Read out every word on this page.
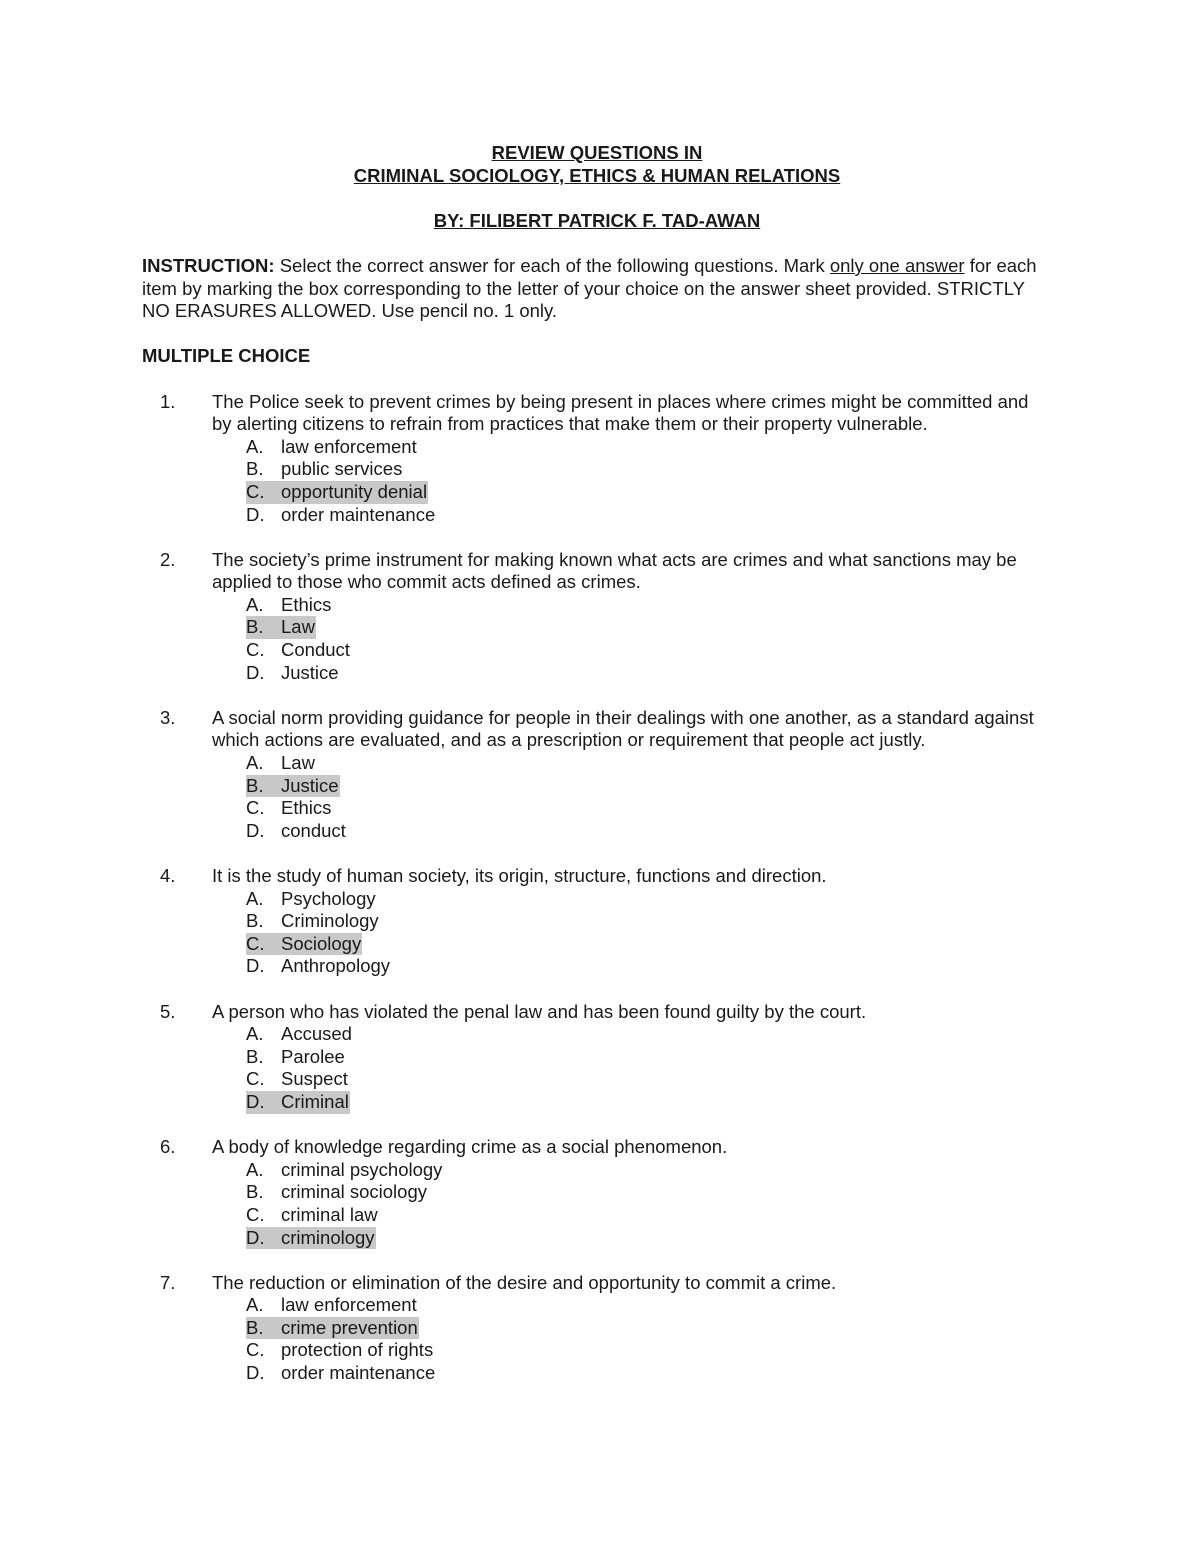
REVIEW QUESTIONS IN
CRIMINAL SOCIOLOGY, ETHICS & HUMAN RELATIONS
BY: FILIBERT PATRICK F. TAD-AWAN
INSTRUCTION: Select the correct answer for each of the following questions. Mark only one answer for each item by marking the box corresponding to the letter of your choice on the answer sheet provided. STRICTLY NO ERASURES ALLOWED. Use pencil no. 1 only.
MULTIPLE CHOICE
1. The Police seek to prevent crimes by being present in places where crimes might be committed and by alerting citizens to refrain from practices that make them or their property vulnerable.
A. law enforcement
B. public services
C. opportunity denial
D. order maintenance
2. The society’s prime instrument for making known what acts are crimes and what sanctions may be applied to those who commit acts defined as crimes.
A. Ethics
B. Law
C. Conduct
D. Justice
3. A social norm providing guidance for people in their dealings with one another, as a standard against which actions are evaluated, and as a prescription or requirement that people act justly.
A. Law
B. Justice
C. Ethics
D. conduct
4. It is the study of human society, its origin, structure, functions and direction.
A. Psychology
B. Criminology
C. Sociology
D. Anthropology
5. A person who has violated the penal law and has been found guilty by the court.
A. Accused
B. Parolee
C. Suspect
D. Criminal
6. A body of knowledge regarding crime as a social phenomenon.
A. criminal psychology
B. criminal sociology
C. criminal law
D. criminology
7. The reduction or elimination of the desire and opportunity to commit a crime.
A. law enforcement
B. crime prevention
C. protection of rights
D. order maintenance
